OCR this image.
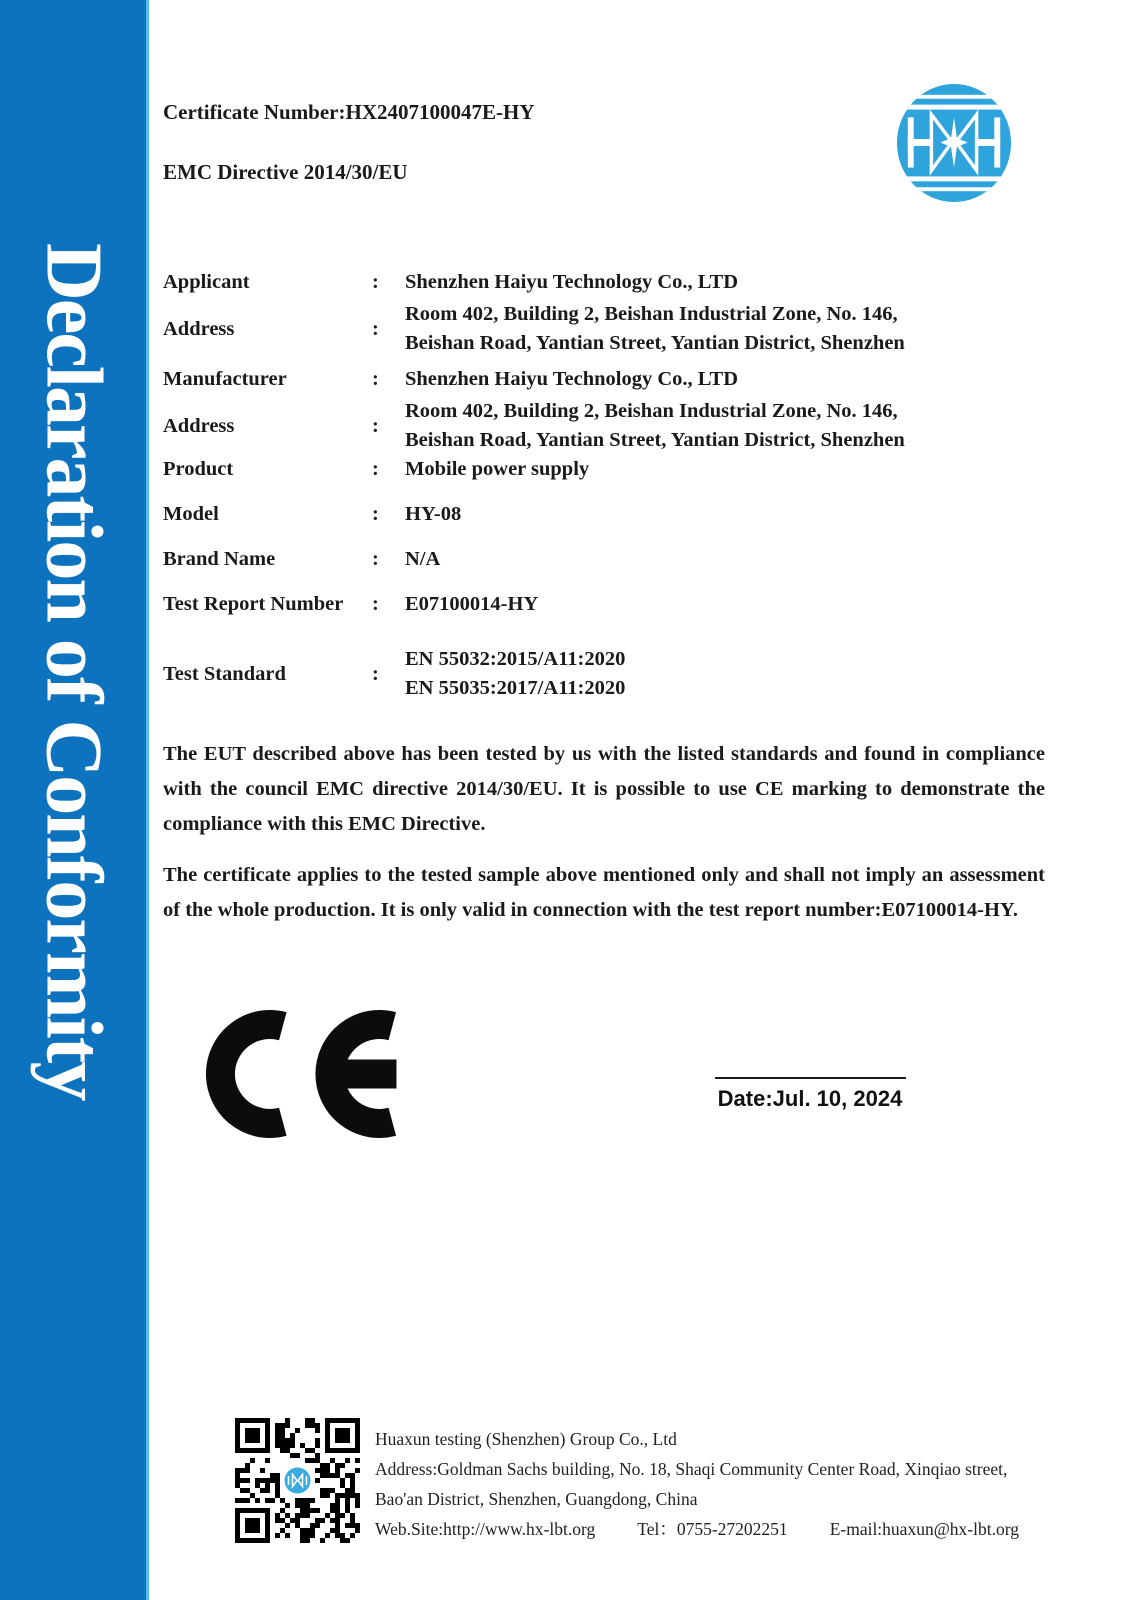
Declaration of Conformity
Certificate Number:HX2407100047E-HY
EMC Directive 2014/30/EU
Applicant	:	Shenzhen Haiyu Technology Co., LTD
Address	:
Room 402, Building 2, Beishan Industrial Zone, No. 146,
Beishan Road, Yantian Street, Yantian District, Shenzhen
Manufacturer	:	Shenzhen Haiyu Technology Co., LTD
Address	:
Room 402, Building 2, Beishan Industrial Zone, No. 146,
Beishan Road, Yantian Street, Yantian District, Shenzhen
Product	:	Mobile power supply
Model	:	HY-08
Brand Name	:	N/A
Test Report Number	:	E07100014-HY
Test Standard	:
EN 55032:2015/A11:2020
EN 55035:2017/A11:2020
The EUT described above has been tested by us with the listed standards and found in compliance with the council EMC directive 2014/30/EU. It is possible to use CE marking to demonstrate the compliance with this EMC Directive.
The certificate applies to the tested sample above mentioned only and shall not imply an assessment of the whole production. It is only valid in connection with the test report number:E07100014-HY.
Date:Jul. 10, 2024
Huaxun testing (Shenzhen) Group Co., Ltd
Address:Goldman Sachs building, No. 18, Shaqi Community Center Road, Xinqiao street,
Bao'an District, Shenzhen, Guangdong, China
Web.Site:http://www.hx-lbt.org Tel：0755-27202251 E-mail:huaxun@hx-lbt.org
